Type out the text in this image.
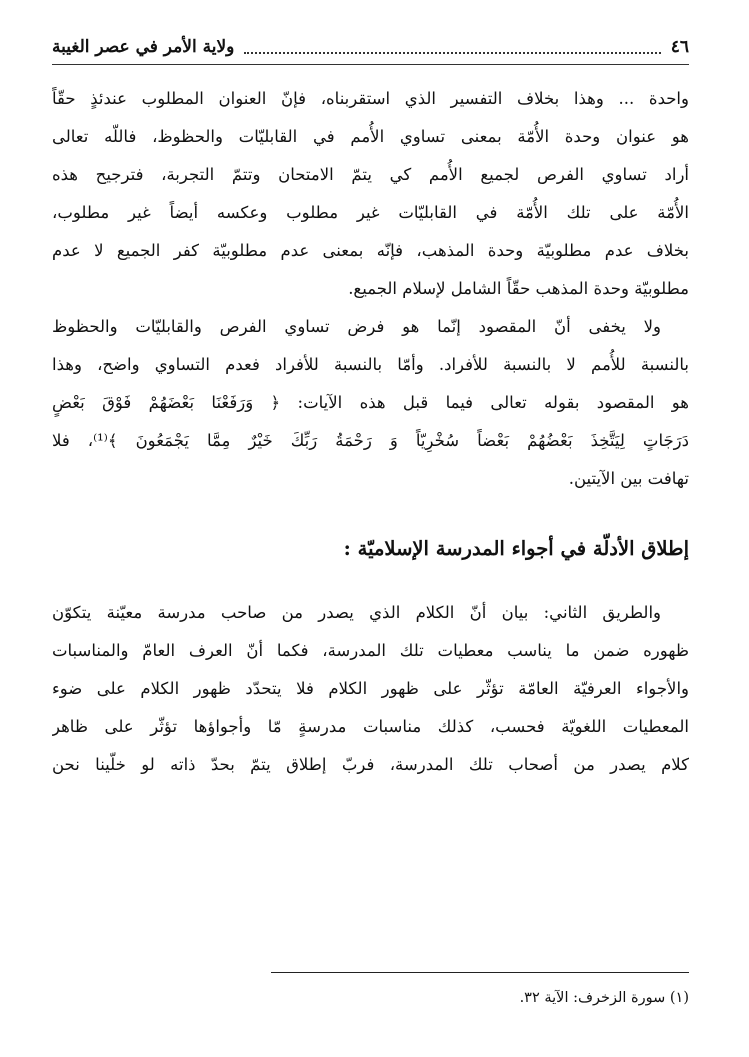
٤٦
ولاية الأمر في عصر الغيبة
واحدة ... وهذا بخلاف التفسير الذي استقربناه، فإنّ العنوان المطلوب عندئذٍ حقّاً
هو عنوان وحدة الأُمّة بمعنى تساوي الأُمم في القابليّات والحظوظ، فاللّه تعالى
أراد تساوي الفرص لجميع الأُمم كي يتمّ الامتحان وتتمّ التجربة، فترجيح هذه
الأُمّة على تلك الأُمّة في القابليّات غير مطلوب وعكسه أيضاً غير مطلوب،
بخلاف عدم مطلوبيّة وحدة المذهب، فإنّه بمعنى عدم مطلوبيّة كفر الجميع لا عدم
مطلوبيّة وحدة المذهب حقّاً الشامل لإسلام الجميع.
ولا يخفى أنّ المقصود إنّما هو فرض تساوي الفرص والقابليّات والحظوظ
بالنسبة للأُمم لا بالنسبة للأفراد. وأمّا بالنسبة للأفراد فعدم التساوي واضح، وهذا
هو المقصود بقوله تعالى فيما قبل هذه الآيات: ﴿ وَرَفَعْنَا بَعْضَهُمْ فَوْقَ بَعْضٍ
دَرَجَاتٍ لِيَتَّخِذَ بَعْضُهُمْ بَعْضاً سُخْرِيّاً وَ رَحْمَةُ رَبِّكَ خَيْرٌ مِمَّا يَجْمَعُونَ ﴾⁽¹⁾، فلا
تهافت بين الآيتين.
إطلاق الأدلّة في أجواء المدرسة الإسلاميّة :
والطريق الثاني: بيان أنّ الكلام الذي يصدر من صاحب مدرسة معيّنة يتكوّن
ظهوره ضمن ما يناسب معطيات تلك المدرسة، فكما أنّ العرف العامّ والمناسبات
والأجواء العرفيّة العامّة تؤثّر على ظهور الكلام فلا يتحدّد ظهور الكلام على ضوء
المعطيات اللغويّة فحسب، كذلك مناسبات مدرسةٍ مّا وأجواؤها تؤثّر على ظاهر
كلام يصدر من أصحاب تلك المدرسة، فربّ إطلاق يتمّ بحدّ ذاته لو خلّينا نحن
(١) سورة الزخرف: الآية ٣٢.
